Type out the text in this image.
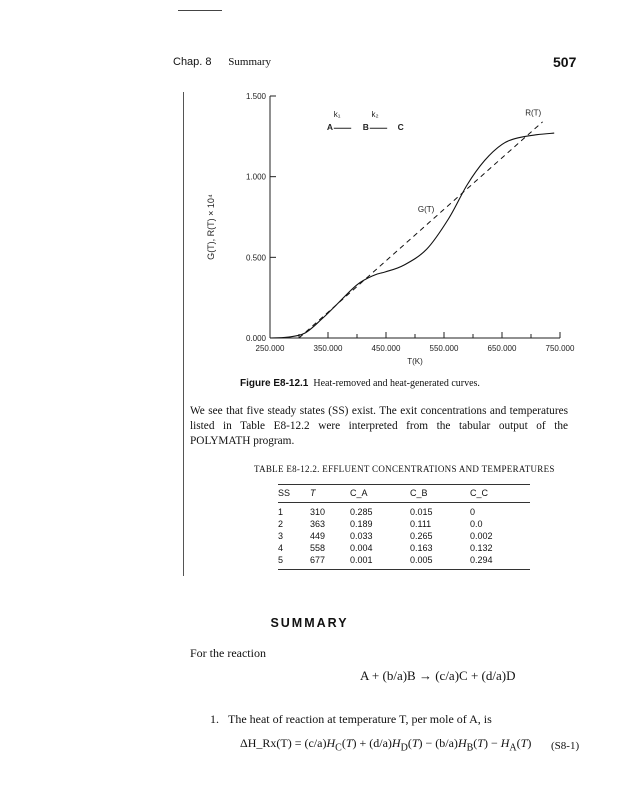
Chap. 8 Summary	507
T(K)
G(T), R(T) × 10⁴
0.000
0.500
1.000
1.500
250.000	350.000	450.000	550.000	650.000	750.000
G(T)
R(T)
k₁	k₂
A	B	C
Figure E8-12.1 Heat-removed and heat-generated curves.
We see that five steady states (SS) exist. The exit concentrations and temperatures listed in Table E8-12.2 were interpreted from the tabular output of the POLYMATH program.
TABLE E8-12.2. EFFLUENT CONCENTRATIONS AND TEMPERATURES
SS	T	C_A	C_B	C_C
1	310	0.285	0.015	0
2	363	0.189	0.111	0.0
3	449	0.033	0.265	0.002
4	558	0.004	0.163	0.132
5	677	0.001	0.005	0.294
SUMMARY
For the reaction
A + (b/a)B → (c/a)C + (d/a)D
1. The heat of reaction at temperature T, per mole of A, is
ΔH_Rx(T) = $(c/a)H_C(T) + (d/a)H_D(T) - (b/a)H_B(T) - H_A(T)$ (S8-1)
